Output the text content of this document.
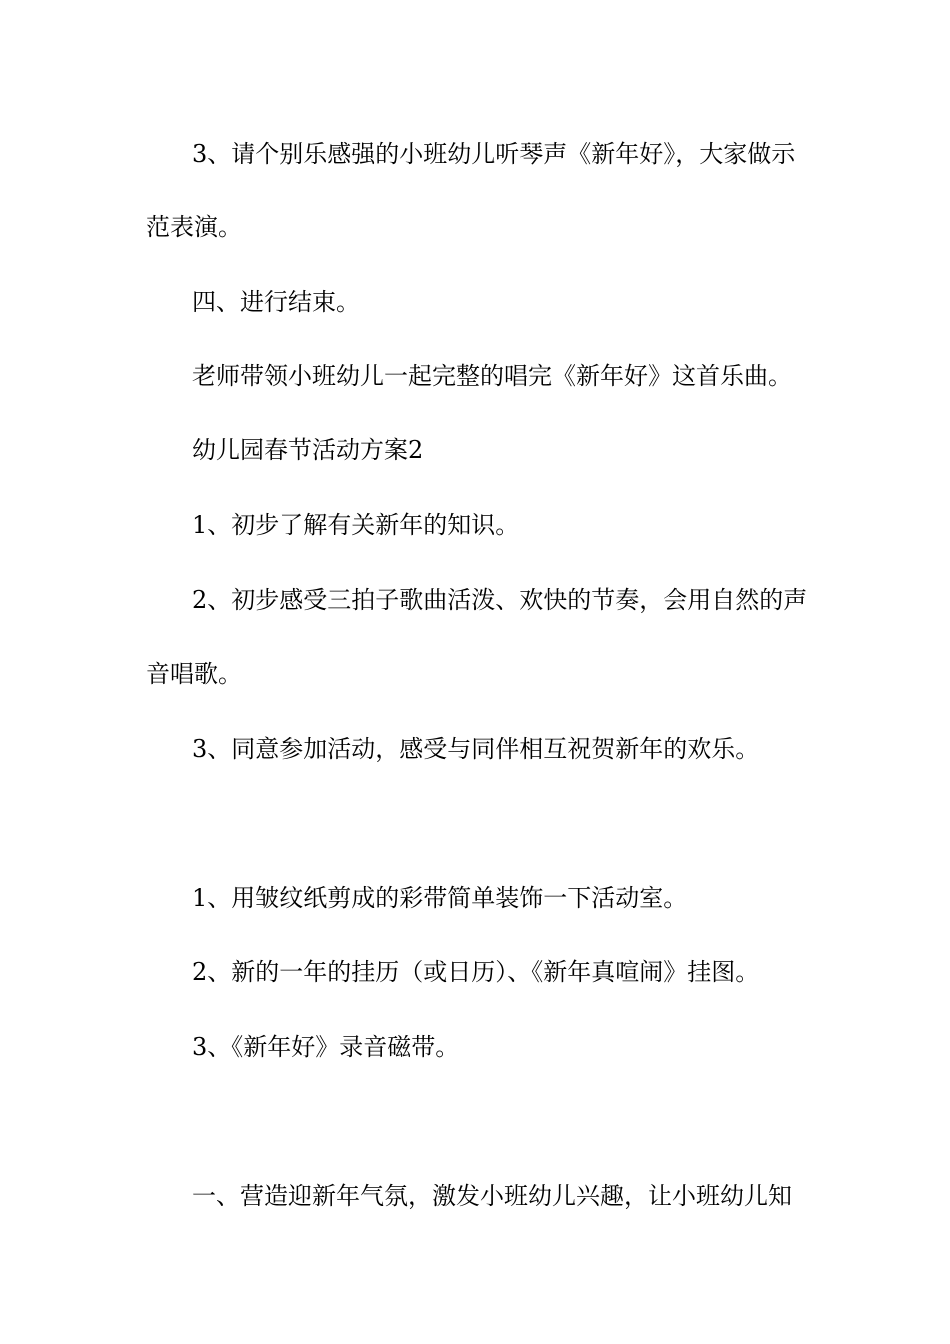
3、请个别乐感强的小班幼儿听琴声《新年好》，大家做示
范表演。
四、进行结束。
老师带领小班幼儿一起完整的唱完《新年好》这首乐曲。
幼儿园春节活动方案2
1、初步了解有关新年的知识。
2、初步感受三拍子歌曲活泼、欢快的节奏，会用自然的声
音唱歌。
3、同意参加活动，感受与同伴相互祝贺新年的欢乐。
1、用皱纹纸剪成的彩带简单装饰一下活动室。
2、新的一年的挂历（或日历）、《新年真喧闹》挂图。
3、《新年好》录音磁带。
一、营造迎新年气氛，激发小班幼儿兴趣，让小班幼儿知
